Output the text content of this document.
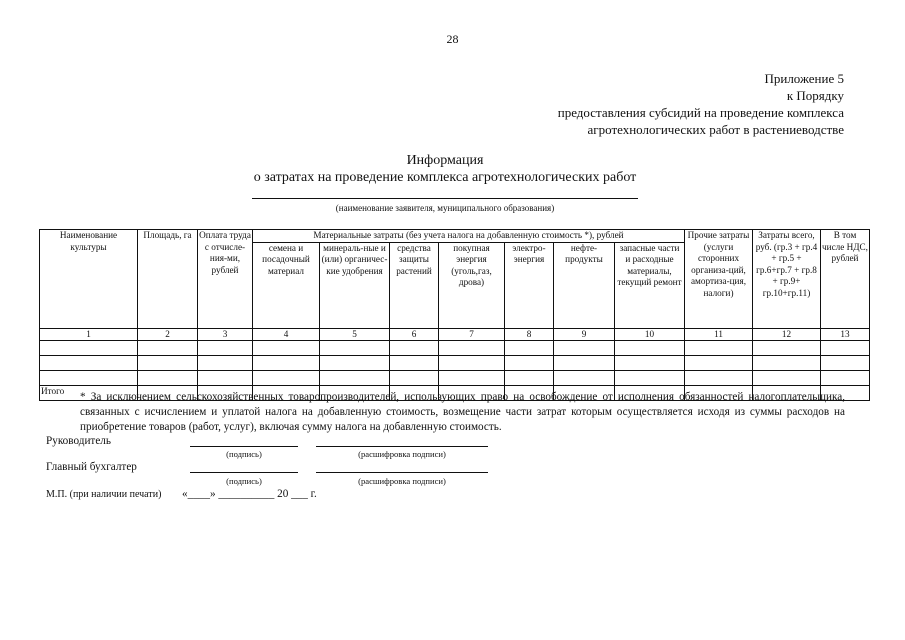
28
Приложение 5
к Порядку
предоставления субсидий на проведение комплекса
агротехнологических работ в растениеводстве
Информация
о затратах на проведение комплекса агротехнологических работ
(наименование заявителя, муниципального образования)
Наименование культуры	Площадь, га	Оплата труда с отчисле-ния-ми, рублей	Материальные затраты (без учета налога на добавленную стоимость *), рублей							Прочие затраты (услуги сторонних организа-ций, амортиза-ция, налоги)	Затраты всего, руб. (гр.3 + гр.4 + гр.5 + гр.6+гр.7 + гр.8 + гр.9+ гр.10+гр.11)	В том числе НДС, рублей
			семена и посадочный материал	минераль-ные и (или) органичес-кие удобрения	средства защиты растений	покупная энергия (уголь,газ, дрова)	электро-энергия	нефте-продукты	запасные части и расходные материалы, текущий ремонт			
1	2	3	4	5	6	7	8	9	10	11	12	13

Итого													* За исключением сельскохозяйственных товаропроизводителей, использующих право на освобождение от исполнения обязанностей налогоплательщика, связанных с исчислением и уплатой налога на добавленную стоимость, возмещение части затрат которым осуществляется исходя из суммы расходов на приобретение товаров (работ, услуг), включая сумму налога на добавленную стоимость.
Руководитель
(подпись)	(расшифровка подписи)
Главный бухгалтер
(подпись)	(расшифровка подписи)
М.П. (при наличии печати) «____» __________ 20 ___ г.
